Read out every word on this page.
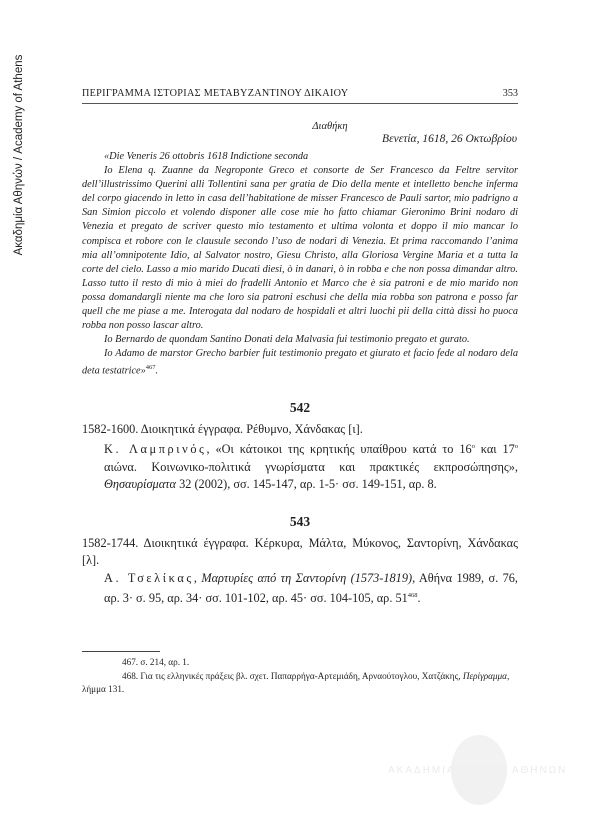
Ακαδημία Αθηνών / Academy of Athens	ΠΕΡΙΓΡΑΜΜΑ ΙΣΤΟΡΙΑΣ ΜΕΤΑΒΥΖΑΝΤΙΝΟΥ ΔΙΚΑΙΟΥ	353
Διαθήκη
Βενετία, 1618, 26 Οκτωβρίου

«Die Veneris 26 ottobris 1618 Indictione seconda

Io Elena q. Zuanne da Negroponte Greco et consorte de Ser Francesco da Feltre servitor dell’illustrissimo Querini alli Tollentini sana per gratia de Dio della mente et intelletto benche inferma del corpo giacendo in letto in casa dell’habitatione de misser Francesco de Pauli sartor, mio padrigno a San Simion piccolo et volendo disponer alle cose mie ho fatto chiamar Gieronimo Brini nodaro di Venezia et pregato de scriver questo mio testamento et ultima volonta et doppo il mio mancar lo compisca et robore con le clausule secondo l’uso de nodari di Venezia. Et prima raccomando l’anima mia all’omnipotente Idio, al Salvator nostro, Giesu Christo, alla Gloriosa Vergine Maria et a tutta la corte del cielo. Lasso a mio marido Ducati diesi, ò in danari, ò in robba e che non possa dimandar altro. Lasso tutto il resto di mio à miei do fradelli Antonio et Marco che è sia patroni e de mio marido non possa domandargli niente ma che loro sia patroni eschusi che della mia robba son patrona e posso far quell che me piase a me. Interogata dal nodaro de hospidali et altri luochi pii della città dissi ho puoca robba non posso lascar altro.

Io Bernardo de quondam Santino Donati dela Malvasia fui testimonio pregato et gurato.

Io Adamo de marstor Grecho barbier fuit testimonio pregato et giurato et facio fede al nodaro dela deta testatrice»$^{467}$.

542
1582-1600. Διοικητικά έγγραφα. Ρέθυμνο, Χάνδακας [ι].
Κ. Λαμπρινός, «Οι κάτοικοι της κρητικής υπαίθρου κατά το $16^o$ και $17^o$ αιώνα. Κοινωνικο-πολιτικά γνωρίσματα και πρακτικές εκπροσώπησης», Θησαυρίσματα 32 (2002), σσ. 145-147, αρ. 1-5· σσ. 149-151, αρ. 8.
543
1582-1744. Διοικητικά έγγραφα. Κέρκυρα, Μάλτα, Μύκονος, Σαντορίνη, Χάνδακας [λ].
Α. Τσελίκας, Μαρτυρίες από τη Σαντορίνη (1573-1819), Αθήνα 1989, σ. 76, αρ. 3· σ. 95, αρ. 34· σσ. 101-102, αρ. 45· σσ. 104-105, αρ. $51^{468}$.

467. σ. 214, αρ. 1.

468. Για τις ελληνικές πράξεις βλ. σχετ. Παπαρρήγα-Αρτεμιάδη, Αρναούτογλου, Χατζάκης, Περίγραμμα, λήμμα 131.

ΑΚΑΔΗΜΙΑ	ΑΘΗΝΩΝ
